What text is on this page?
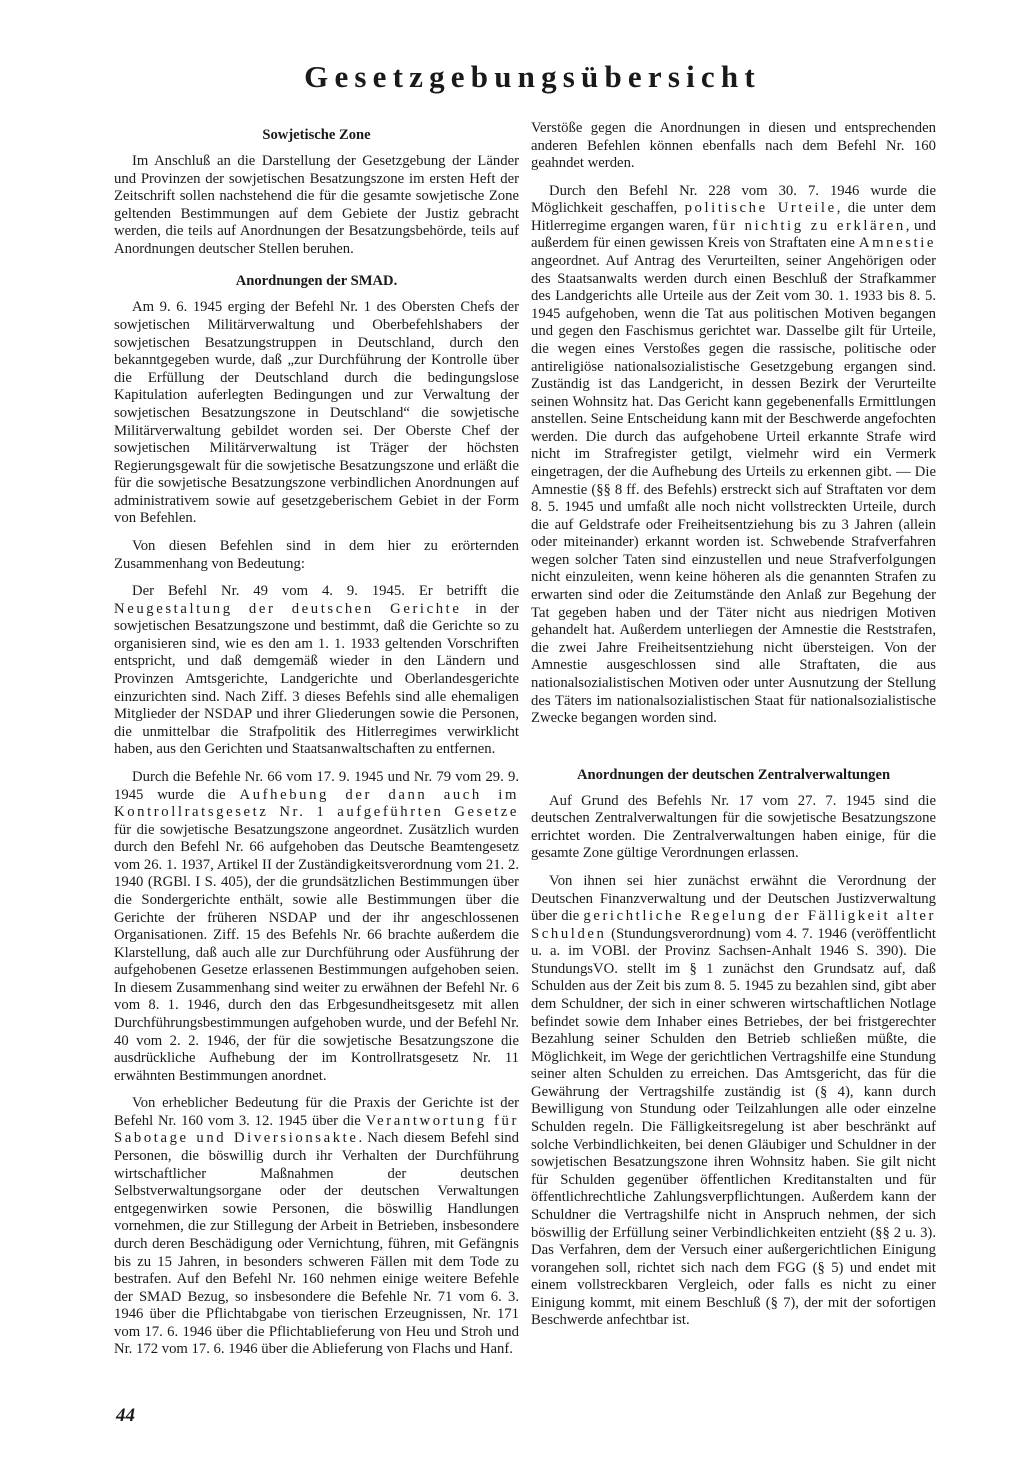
Gesetzgebungsübersicht
Sowjetische Zone

Im Anschluß an die Darstellung der Gesetzgebung der Länder und Provinzen der sowjetischen Besatzungszone im ersten Heft der Zeitschrift sollen nachstehend die für die gesamte sowjetische Zone geltenden Bestimmungen auf dem Gebiete der Justiz gebracht werden, die teils auf Anordnungen der Besatzungsbehörde, teils auf Anordnungen deutscher Stellen beruhen.

Anordnungen der SMAD.

Am 9. 6. 1945 erging der Befehl Nr. 1 des Obersten Chefs der sowjetischen Militärverwaltung und Oberbefehlshabers der sowjetischen Besatzungstruppen in Deutschland, durch den bekanntgegeben wurde, daß „zur Durchführung der Kontrolle über die Erfüllung der Deutschland durch die bedingungslose Kapitulation auferlegten Bedingungen und zur Verwaltung der sowjetischen Besatzungszone in Deutschland“ die sowjetische Militärverwaltung gebildet worden sei. Der Oberste Chef der sowjetischen Militärverwaltung ist Träger der höchsten Regierungsgewalt für die sowjetische Besatzungszone und erläßt die für die sowjetische Besatzungszone verbindlichen Anordnungen auf administrativem sowie auf gesetzgeberischem Gebiet in der Form von Befehlen.

Von diesen Befehlen sind in dem hier zu erörternden Zusammenhang von Bedeutung:

Der Befehl Nr. 49 vom 4. 9. 1945. Er betrifft die Neugestaltung der deutschen Gerichte in der sowjetischen Besatzungszone und bestimmt, daß die Gerichte so zu organisieren sind, wie es den am 1. 1. 1933 geltenden Vorschriften entspricht, und daß demgemäß wieder in den Ländern und Provinzen Amtsgerichte, Landgerichte und Oberlandesgerichte einzurichten sind. Nach Ziff. 3 dieses Befehls sind alle ehemaligen Mitglieder der NSDAP und ihrer Gliederungen sowie die Personen, die unmittelbar die Strafpolitik des Hitlerregimes verwirklicht haben, aus den Gerichten und Staatsanwaltschaften zu entfernen.

Durch die Befehle Nr. 66 vom 17. 9. 1945 und Nr. 79 vom 29. 9. 1945 wurde die Aufhebung der dann auch im Kontrollratsgesetz Nr. 1 aufgeführten Gesetze für die sowjetische Besatzungszone angeordnet. Zusätzlich wurden durch den Befehl Nr. 66 aufgehoben das Deutsche Beamtengesetz vom 26. 1. 1937, Artikel II der Zuständigkeitsverordnung vom 21. 2. 1940 (RGBl. I S. 405), der die grundsätzlichen Bestimmungen über die Sondergerichte enthält, sowie alle Bestimmungen über die Gerichte der früheren NSDAP und der ihr angeschlossenen Organisationen. Ziff. 15 des Befehls Nr. 66 brachte außerdem die Klarstellung, daß auch alle zur Durchführung oder Ausführung der aufgehobenen Gesetze erlassenen Bestimmungen aufgehoben seien. In diesem Zusammenhang sind weiter zu erwähnen der Befehl Nr. 6 vom 8. 1. 1946, durch den das Erbgesundheitsgesetz mit allen Durchführungsbestimmungen aufgehoben wurde, und der Befehl Nr. 40 vom 2. 2. 1946, der für die sowjetische Besatzungszone die ausdrückliche Aufhebung der im Kontrollratsgesetz Nr. 11 erwähnten Bestimmungen anordnet.

Von erheblicher Bedeutung für die Praxis der Gerichte ist der Befehl Nr. 160 vom 3. 12. 1945 über die Verantwortung für Sabotage und Diversionsakte. Nach diesem Befehl sind Personen, die böswillig durch ihr Verhalten der Durchführung wirtschaftlicher Maßnahmen der deutschen Selbstverwaltungsorgane oder der deutschen Verwaltungen entgegenwirken sowie Personen, die böswillig Handlungen vornehmen, die zur Stillegung der Arbeit in Betrieben, insbesondere durch deren Beschädigung oder Vernichtung, führen, mit Gefängnis bis zu 15 Jahren, in besonders schweren Fällen mit dem Tode zu bestrafen. Auf den Befehl Nr. 160 nehmen einige weitere Befehle der SMAD Bezug, so insbesondere die Befehle Nr. 71 vom 6. 3. 1946 über die Pflichtabgabe von tierischen Erzeugnissen, Nr. 171 vom 17. 6. 1946 über die Pflichtablieferung von Heu und Stroh und Nr. 172 vom 17. 6. 1946 über die Ablieferung von Flachs und Hanf.

Verstöße gegen die Anordnungen in diesen und entsprechenden anderen Befehlen können ebenfalls nach dem Befehl Nr. 160 geahndet werden.

Durch den Befehl Nr. 228 vom 30. 7. 1946 wurde die Möglichkeit geschaffen, politische Urteile, die unter dem Hitlerregime ergangen waren, für nichtig zu erklären, und außerdem für einen gewissen Kreis von Straftaten eine Amnestie angeordnet. Auf Antrag des Verurteilten, seiner Angehörigen oder des Staatsanwalts werden durch einen Beschluß der Strafkammer des Landgerichts alle Urteile aus der Zeit vom 30. 1. 1933 bis 8. 5. 1945 aufgehoben, wenn die Tat aus politischen Motiven begangen und gegen den Faschismus gerichtet war. Dasselbe gilt für Urteile, die wegen eines Verstoßes gegen die rassische, politische oder antireligiöse nationalsozialistische Gesetzgebung ergangen sind. Zuständig ist das Landgericht, in dessen Bezirk der Verurteilte seinen Wohnsitz hat. Das Gericht kann gegebenenfalls Ermittlungen anstellen. Seine Entscheidung kann mit der Beschwerde angefochten werden. Die durch das aufgehobene Urteil erkannte Strafe wird nicht im Strafregister getilgt, vielmehr wird ein Vermerk eingetragen, der die Aufhebung des Urteils zu erkennen gibt. — Die Amnestie (§§ 8 ff. des Befehls) erstreckt sich auf Straftaten vor dem 8. 5. 1945 und umfaßt alle noch nicht vollstreckten Urteile, durch die auf Geldstrafe oder Freiheitsentziehung bis zu 3 Jahren (allein oder miteinander) erkannt worden ist. Schwebende Strafverfahren wegen solcher Taten sind einzustellen und neue Strafverfolgungen nicht einzuleiten, wenn keine höheren als die genannten Strafen zu erwarten sind oder die Zeitumstände den Anlaß zur Begehung der Tat gegeben haben und der Täter nicht aus niedrigen Motiven gehandelt hat. Außerdem unterliegen der Amnestie die Reststrafen, die zwei Jahre Freiheitsentziehung nicht übersteigen. Von der Amnestie ausgeschlossen sind alle Straftaten, die aus nationalsozialistischen Motiven oder unter Ausnutzung der Stellung des Täters im nationalsozialistischen Staat für nationalsozialistische Zwecke begangen worden sind.

Anordnungen der deutschen Zentralverwaltungen

Auf Grund des Befehls Nr. 17 vom 27. 7. 1945 sind die deutschen Zentralverwaltungen für die sowjetische Besatzungszone errichtet worden. Die Zentralverwaltungen haben einige, für die gesamte Zone gültige Verordnungen erlassen.

Von ihnen sei hier zunächst erwähnt die Verordnung der Deutschen Finanzverwaltung und der Deutschen Justizverwaltung über die gerichtliche Regelung der Fälligkeit alter Schulden (Stundungsverordnung) vom 4. 7. 1946 (veröffentlicht u. a. im VOBl. der Provinz Sachsen-Anhalt 1946 S. 390). Die StundungsVO. stellt im § 1 zunächst den Grundsatz auf, daß Schulden aus der Zeit bis zum 8. 5. 1945 zu bezahlen sind, gibt aber dem Schuldner, der sich in einer schweren wirtschaftlichen Notlage befindet sowie dem Inhaber eines Betriebes, der bei fristgerechter Bezahlung seiner Schulden den Betrieb schließen müßte, die Möglichkeit, im Wege der gerichtlichen Vertragshilfe eine Stundung seiner alten Schulden zu erreichen. Das Amtsgericht, das für die Gewährung der Vertragshilfe zuständig ist (§ 4), kann durch Bewilligung von Stundung oder Teilzahlungen alle oder einzelne Schulden regeln. Die Fälligkeitsregelung ist aber beschränkt auf solche Verbindlichkeiten, bei denen Gläubiger und Schuldner in der sowjetischen Besatzungszone ihren Wohnsitz haben. Sie gilt nicht für Schulden gegenüber öffentlichen Kreditanstalten und für öffentlichrechtliche Zahlungsverpflichtungen. Außerdem kann der Schuldner die Vertragshilfe nicht in Anspruch nehmen, der sich böswillig der Erfüllung seiner Verbindlichkeiten entzieht (§§ 2 u. 3). Das Verfahren, dem der Versuch einer außergerichtlichen Einigung vorangehen soll, richtet sich nach dem FGG (§ 5) und endet mit einem vollstreckbaren Vergleich, oder falls es nicht zu einer Einigung kommt, mit einem Beschluß (§ 7), der mit der sofortigen Beschwerde anfechtbar ist.

44
